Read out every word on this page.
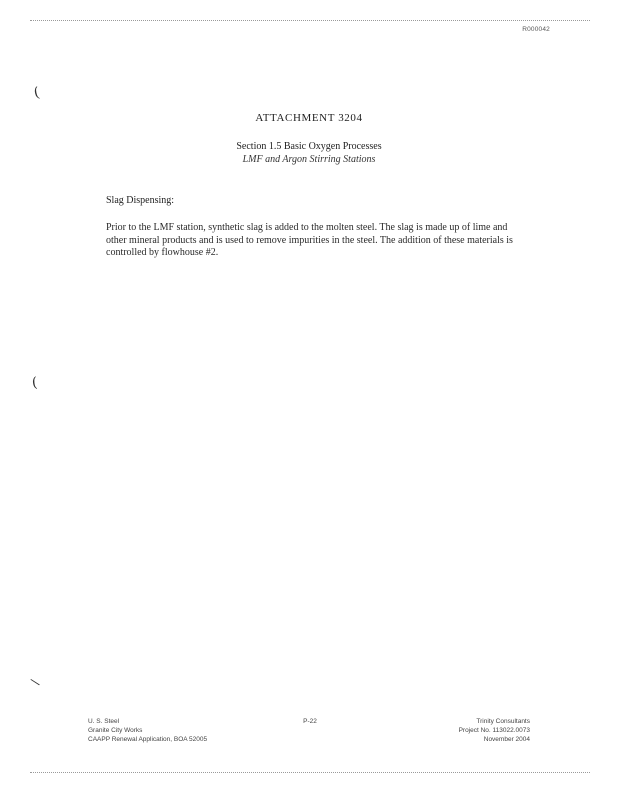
R000042
(
(
\
ATTACHMENT 3204
Section 1.5 Basic Oxygen Processes
LMF and Argon Stirring Stations
Slag Dispensing:
Prior to the LMF station, synthetic slag is added to the molten steel. The slag is made up of lime and other mineral products and is used to remove impurities in the steel. The addition of these materials is controlled by flowhouse #2.
U. S. Steel
Granite City Works
CAAPP Renewal Application, BOA 52005
P-22	Trinity Consultants
Project No. 113022.0073
November 2004
